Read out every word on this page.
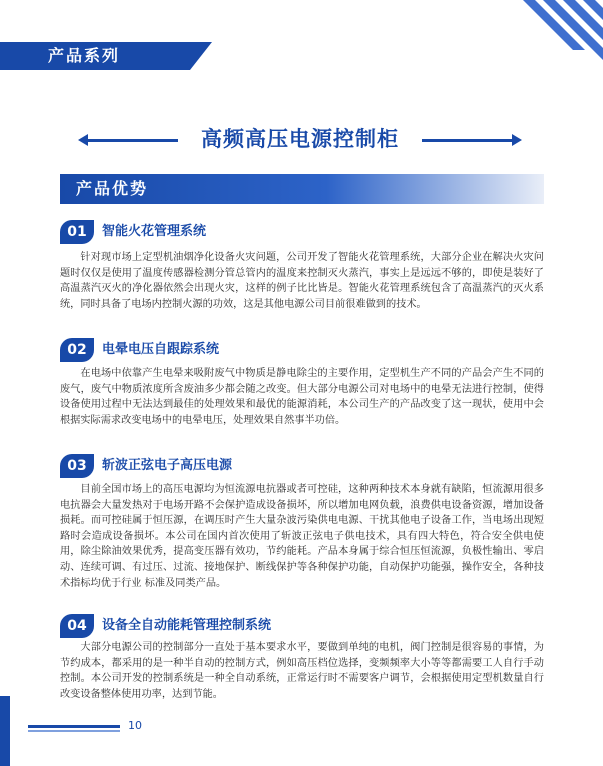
产品系列
高频高压电源控制柜
产品优势
01	智能火花管理系统

针对现市场上定型机油烟净化设备火灾问题，公司开发了智能火花管理系统，大部分企业在解决火灾问题时仅仅是使用了温度传感器检测分管总管内的温度来控制灭火蒸汽，事实上是远远不够的，即使是装好了高温蒸汽灭火的净化器依然会出现火灾，这样的例子比比皆是。智能火花管理系统包含了高温蒸汽的灭火系统，同时具备了电场内控制火源的功效，这是其他电源公司目前很难做到的技术。

02	电晕电压自跟踪系统

在电场中依靠产生电晕来吸附废气中物质是静电除尘的主要作用，定型机生产不同的产品会产生不同的废气，废气中物质浓度所含废油多少都会随之改变。但大部分电源公司对电场中的电晕无法进行控制，使得设备使用过程中无法达到最佳的处理效果和最优的能源消耗，本公司生产的产品改变了这一现状，使用中会根据实际需求改变电场中的电晕电压，处理效果自然事半功倍。

03	斩波正弦电子高压电源

目前全国市场上的高压电源均为恒流源电抗器或者可控硅，这种两种技术本身就有缺陷，恒流源用很多电抗器会大量发热对于电场开路不会保护造成设备损坏，所以增加电网负载，浪费供电设备资源，增加设备损耗。而可控硅属于恒压源，在调压时产生大量杂波污染供电电源、干扰其他电子设备工作，当电场出现短路时会造成设备损坏。本公司在国内首次使用了斩波正弦电子供电技术，具有四大特色，符合安全供电使用，除尘除油效果优秀，提高变压器有效功，节约能耗。产品本身属于综合恒压恒流源，负极性输出、零启动、连续可调、有过压、过流、接地保护、断线保护等各种保护功能，自动保护功能强，操作安全，各种技术指标均优于行业 标准及同类产品。

04	设备全自动能耗管理控制系统

大部分电源公司的控制部分一直处于基本要求水平，要做到单纯的电机，阀门控制是很容易的事情，为节约成本，都采用的是一种半自动的控制方式，例如高压档位选择，变频频率大小等等都需要工人自行手动控制。本公司开发的控制系统是一种全自动系统，正常运行时不需要客户调节，会根据使用定型机数量自行改变设备整体使用功率，达到节能。

10
